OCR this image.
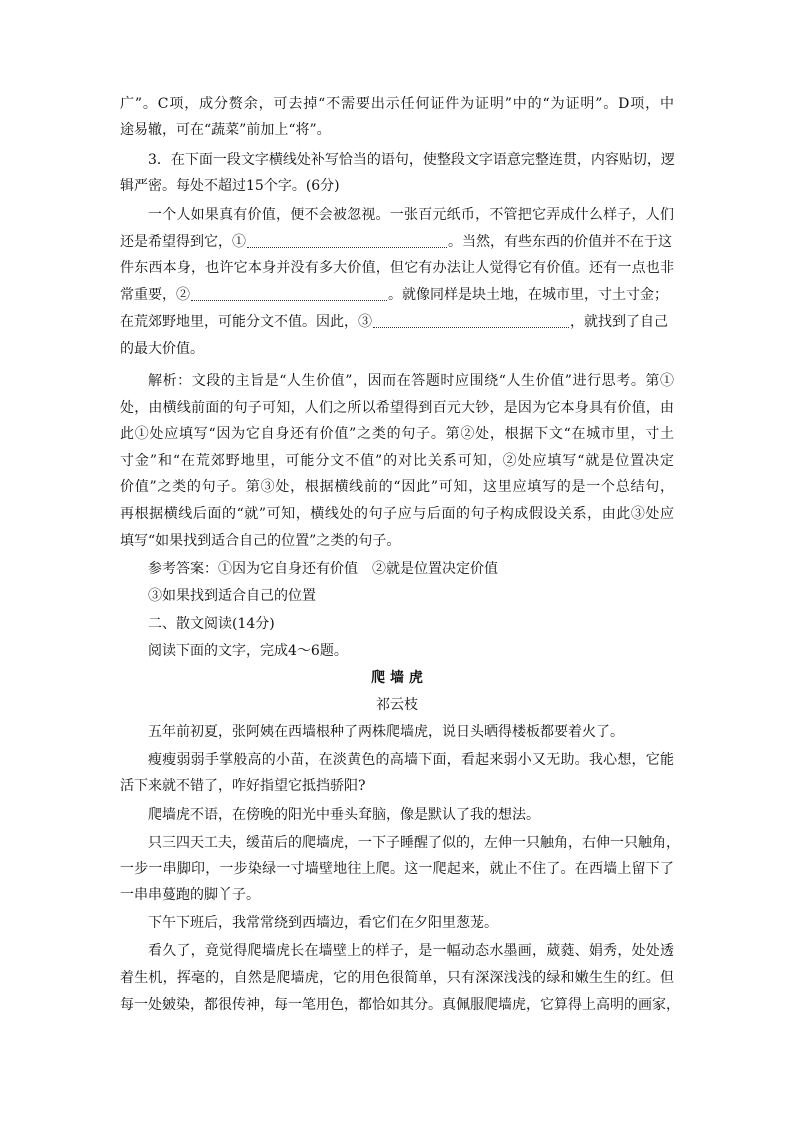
广”。C项，成分赘余，可去掉“不需要出示任何证件为证明”中的“为证明”。D项，中
途易辙，可在“蔬菜”前加上“将”。
3．在下面一段文字横线处补写恰当的语句，使整段文字语意完整连贯，内容贴切，逻
辑严密。每处不超过15个字。(6分)
一个人如果真有价值，便不会被忽视。一张百元纸币，不管把它弄成什么样子，人们
还是希望得到它，①	。当然，有些东西的价值并不在于这
件东西本身，也许它本身并没有多大价值，但它有办法让人觉得它有价值。还有一点也非
常重要，②	。就像同样是块土地，在城市里，寸土寸金；
在荒郊野地里，可能分文不值。因此，③	，就找到了自己
的最大价值。
解析：文段的主旨是“人生价值”，因而在答题时应围绕“人生价值”进行思考。第①
处，由横线前面的句子可知，人们之所以希望得到百元大钞，是因为它本身具有价值，由
此①处应填写“因为它自身还有价值”之类的句子。第②处，根据下文“在城市里，寸土
寸金”和“在荒郊野地里，可能分文不值”的对比关系可知，②处应填写“就是位置决定
价值”之类的句子。第③处，根据横线前的“因此”可知，这里应填写的是一个总结句，
再根据横线后面的“就”可知，横线处的句子应与后面的句子构成假设关系，由此③处应
填写“如果找到适合自己的位置”之类的句子。
参考答案：①因为它自身还有价值　②就是位置决定价值
③如果找到适合自己的位置
二、散文阅读(14分)
阅读下面的文字，完成4～6题。
爬 墙 虎
祁云枝
五年前初夏，张阿姨在西墙根种了两株爬墙虎，说日头晒得楼板都要着火了。
瘦瘦弱弱手掌般高的小苗，在淡黄色的高墙下面，看起来弱小又无助。我心想，它能
活下来就不错了，咋好指望它抵挡骄阳?
爬墙虎不语，在傍晚的阳光中垂头耷脑，像是默认了我的想法。
只三四天工夫，缓苗后的爬墙虎，一下子睡醒了似的，左伸一只触角，右伸一只触角，
一步一串脚印，一步染绿一寸墙壁地往上爬。这一爬起来，就止不住了。在西墙上留下了
一串串蔓跑的脚丫子。
下午下班后，我常常绕到西墙边，看它们在夕阳里葱茏。
看久了，竟觉得爬墙虎长在墙壁上的样子，是一幅动态水墨画，葳蕤、娟秀，处处透
着生机，挥毫的，自然是爬墙虎，它的用色很简单，只有深深浅浅的绿和嫩生生的红。但
每一处皴染，都很传神，每一笔用色，都恰如其分。真佩服爬墙虎，它算得上高明的画家，
